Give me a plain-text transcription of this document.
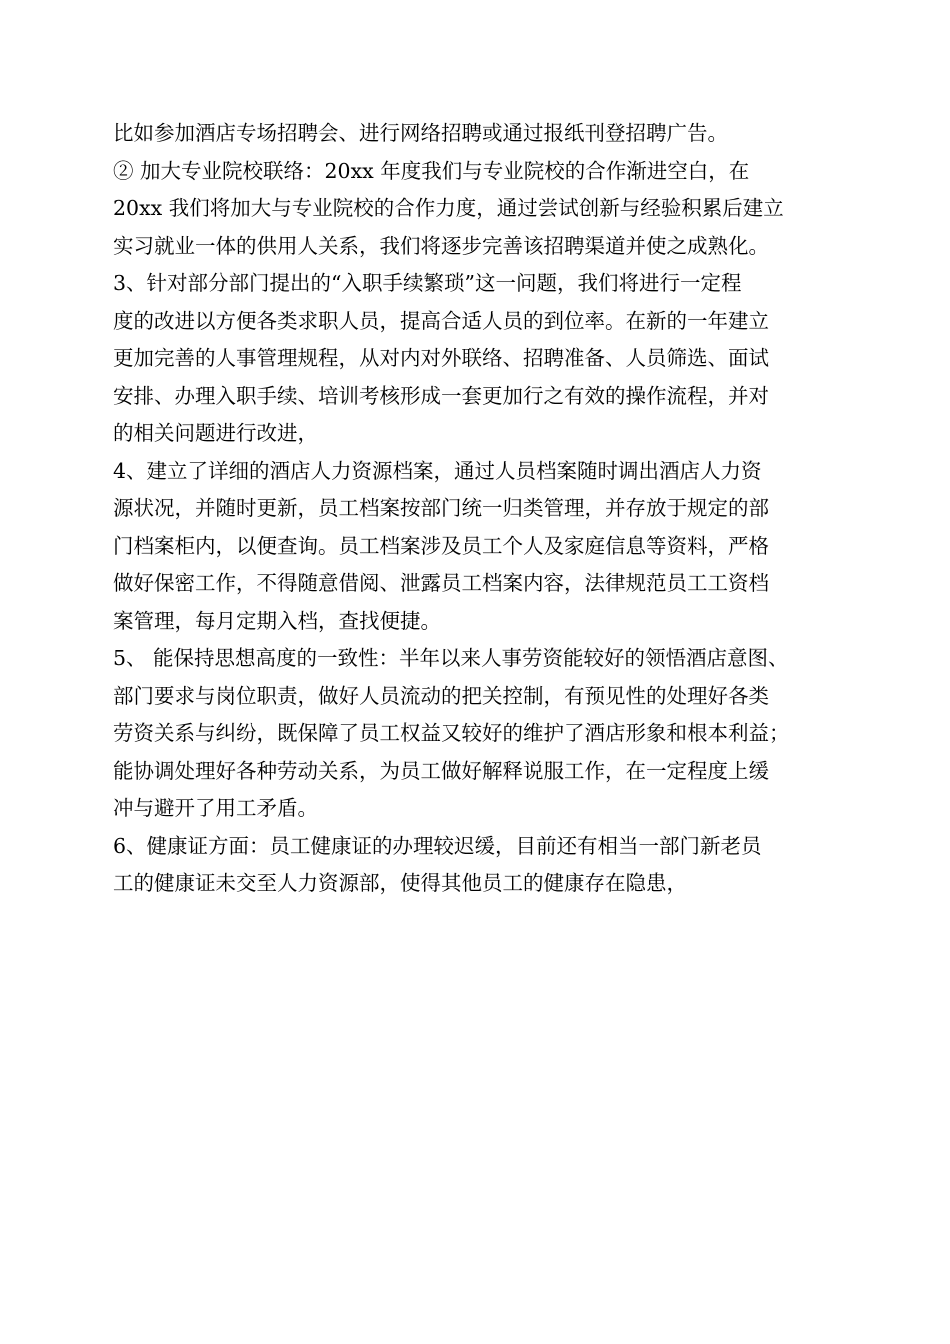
比如参加酒店专场招聘会、进行网络招聘或通过报纸刊登招聘广告。
② 加大专业院校联络：20xx 年度我们与专业院校的合作渐进空白，在
20xx 我们将加大与专业院校的合作力度，通过尝试创新与经验积累后建立
实习就业一体的供用人关系，我们将逐步完善该招聘渠道并使之成熟化。
3、针对部分部门提出的“入职手续繁琐”这一问题，我们将进行一定程
度的改进以方便各类求职人员，提高合适人员的到位率。在新的一年建立
更加完善的人事管理规程，从对内对外联络、招聘准备、人员筛选、面试
安排、办理入职手续、培训考核形成一套更加行之有效的操作流程，并对
的相关问题进行改进，
4、建立了详细的酒店人力资源档案，通过人员档案随时调出酒店人力资
源状况，并随时更新，员工档案按部门统一归类管理，并存放于规定的部
门档案柜内，以便查询。员工档案涉及员工个人及家庭信息等资料，严格
做好保密工作，不得随意借阅、泄露员工档案内容，法律规范员工工资档
案管理，每月定期入档，查找便捷。
5、 能保持思想高度的一致性：半年以来人事劳资能较好的领悟酒店意图、
部门要求与岗位职责，做好人员流动的把关控制，有预见性的处理好各类
劳资关系与纠纷，既保障了员工权益又较好的维护了酒店形象和根本利益；
能协调处理好各种劳动关系，为员工做好解释说服工作，在一定程度上缓
冲与避开了用工矛盾。
6、健康证方面：员工健康证的办理较迟缓，目前还有相当一部门新老员
工的健康证未交至人力资源部，使得其他员工的健康存在隐患，
